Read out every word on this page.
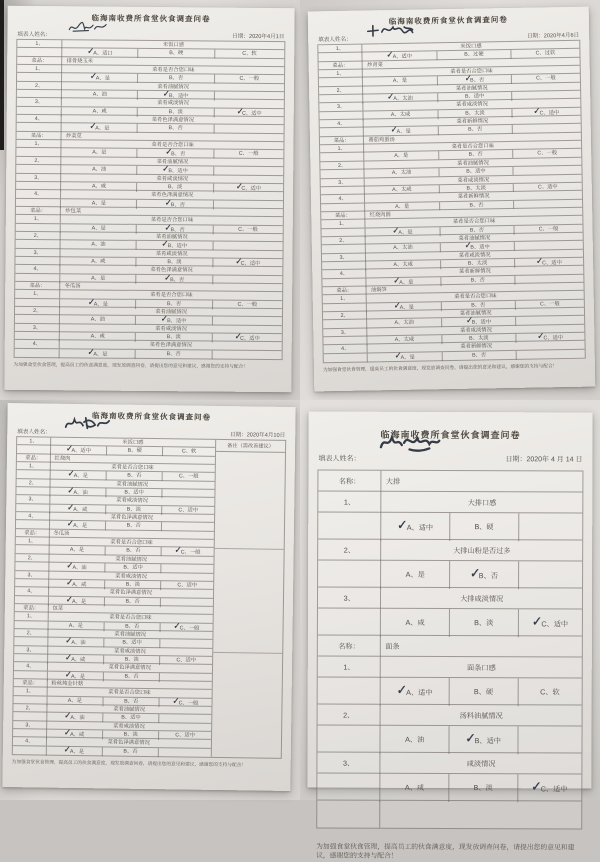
临海南收费所食堂伙食调查问卷
填表人姓名：	日期：2020年4月1日
1、	米饭口感
✓A、适口	B、硬	C、软
菜品：	排骨烧玉米
1、	菜肴是否合您口味
✓A、是	B、否	C、一般
2、	菜肴油腻情况
A、油	✓B、适中
3、	菜肴咸淡情况
A、咸	B、淡	✓C、适中
4、	菜肴色泽满意情况
✓A、是	B、否
菜品：	炒菜苋
1、	菜肴是否合您口味
A、是	✓B、否	C、一般
2、	菜肴油腻情况
A、油	✓B、适中
3、	菜肴咸淡情况
A、咸	B、淡	✓C、适中
4、	菜肴色泽满意情况
A、是	✓B、否
菜品：	炒包菜
1、	菜肴是否合您口味
A、是	✓B、否	C、一般
2、	菜肴油腻情况
A、油	✓B、适中
3、	菜肴咸淡情况
A、咸	B、淡	✓C、适中
4、	菜肴色泽满意情况
A、是	✓B、否
菜品：	冬瓜汤
1、	菜肴是否合您口味
✓A、是	B、否	C、一般
2、	菜肴油腻情况
A、油	✓B、适中
3、	菜肴咸淡情况
A、咸	B、淡	✓C、适中
4、	菜肴色泽满意情况
✓A、是	B、否
为加强食堂伙食管理，提高员工的伙食满意度，现发放调查问卷，请提出您的意见和建议，感谢您的支持与配合！
临海南收费所食堂伙食调查问卷
填表人姓名：
日期：2020年4月6日
1、	米饭口感
✓A、适中	B、过硬	C、过软
菜品：	炒青菜
1、	菜肴是否合您口味
A、是	✓B、否	C、一般
2、	菜肴油腻情况
✓A、太油	B、适中
3、	菜肴咸淡情况
A、太咸	B、太淡	✓C、适中
4、	菜肴新鲜情况
✓A、是	B、否
菜品：	番茄鸡蛋汤
1、	菜肴是否合您口味
A、是	B、否	C、一般
2、	菜肴油腻情况
A、太油	B、适中
3、	菜肴咸淡情况
A、太咸	B、太淡	C、适中
4、	菜肴新鲜情况
A、是	B、否
菜品：	红烧肉圆
1、	菜肴是否合您口味
✓A、是	B、否	C、一般
2、	菜肴油腻情况
A、太油	✓B、适中
3、	菜肴咸淡情况
A、太咸	B、太淡	✓C、适中
4、	菜肴新鲜情况
✓A、是	B、否
菜品：	油焖笋
1、	菜肴是否合您口味
✓A、是	B、否	C、一般
2、	菜肴油腻情况
A、太油	✓B、适中
3、	菜肴咸淡情况
A、太咸	B、太淡	✓C、适中
4、	菜肴新鲜情况
✓A、是	B、否
为加强食堂伙食管理，提高员工的伙食满意度，现发放调查问卷，请提出您的意见和建议，感谢您的支持与配合！
临海南收费所食堂伙食调查问卷
填表人姓名：	日期：2020年4月10日
1、	米饭口感
✓A、适中	B、硬	C、软
菜品：	红烧肉
1、	菜肴是否合您口味
✓A、是	B、否	C、一般
2、	菜肴油腻情况
✓A、油	B、适中
3、	菜肴咸淡情况
✓A、咸	B、淡	C、适中
4、	菜肴色泽满意情况
✓A、是	B、否
菜品：	冬瓜汤
1、	菜肴是否合您口味
A、是	B、否	✓C、一般
2、	菜肴油腻情况
✓A、油	B、适中
3、	菜肴咸淡情况
✓A、咸	B、淡	C、适中
4、	菜肴色泽满意情况
✓A、是	B、否
菜品：	包菜
1、	菜肴是否合您口味
A、是	B、否	✓C、一般
2、	菜肴油腻情况
✓A、油	B、适中
3、	菜肴咸淡情况
✓A、咸	B、淡	C、适中
4、	菜肴色泽满意情况
✓A、是	B、否
菜品：	粉丝炖金针菇
1、	菜肴是否合您口味
A、是	B、否	✓C、一般
2、	菜肴油腻情况
✓A、油	B、适中
3、	菜肴咸淡情况
✓A、咸	B、淡	C、适中
4、	菜肴色泽满意情况
✓A、是	B、否
备注（需改善建议）
为加强食堂伙食管理，提高员工的伙食满意度，现发放调查问卷，请提出您的意见和建议，感谢您的支持与配合！
临海南收费所食堂伙食调查问卷
填表人姓名：	日期：2020年 4 月 14 日
名称：	大排
1、	大排口感
✓A、适中	B、硬
2、	大排山粉是否过多
A、是	✓B、否
3、	大排咸淡情况
A、咸	B、淡	✓C、适中
名称：	面条
1、	面条口感
✓A、适中	B、硬	C、软
2、	汤料油腻情况
A、油	✓B、适中
3、	咸淡情况
A、咸	B、淡	✓C、适中
为加强食堂伙食管理，提高员工的伙食满意度，现发放调查问卷，请提出您的意见和建议，感谢您的支持与配合！
